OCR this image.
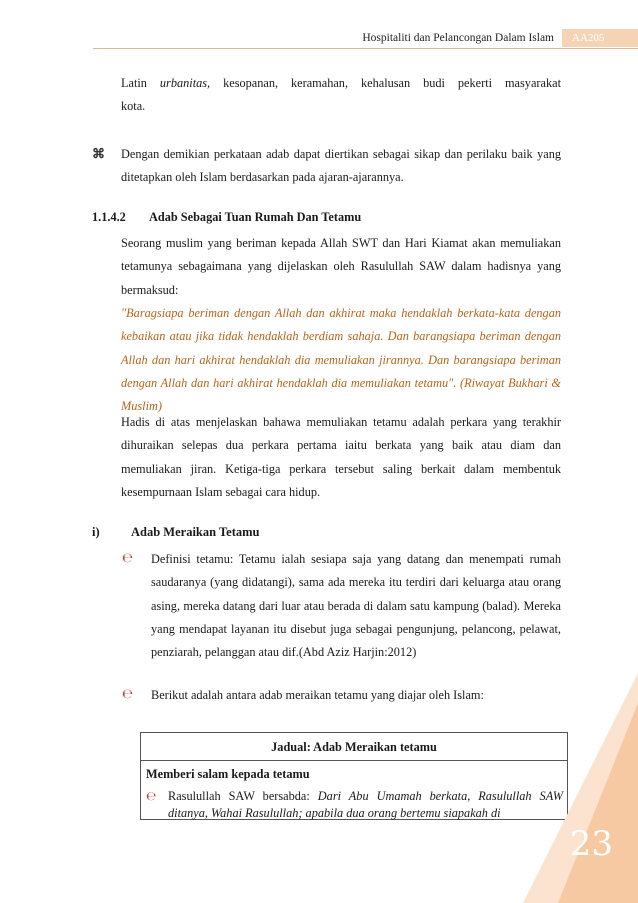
Hospitaliti dan Pelancongan Dalam Islam	AA205
Latin urbanitas, kesopanan, keramahan, kehalusan budi pekerti masyarakat
kota.
⌘ Dengan demikian perkataan adab dapat diertikan sebagai sikap dan perilaku baik yang ditetapkan oleh Islam berdasarkan pada ajaran-ajarannya.
1.1.4.2	Adab Sebagai Tuan Rumah Dan Tetamu
Seorang muslim yang beriman kepada Allah SWT dan Hari Kiamat akan memuliakan tetamunya sebagaimana yang dijelaskan oleh Rasulullah SAW dalam hadisnya yang bermaksud:
"Baragsiapa beriman dengan Allah dan akhirat maka hendaklah berkata-kata dengan kebaikan atau jika tidak hendaklah berdiam sahaja. Dan barangsiapa beriman dengan Allah dan hari akhirat hendaklah dia memuliakan jirannya. Dan barangsiapa beriman dengan Allah dan hari akhirat hendaklah dia memuliakan tetamu". (Riwayat Bukhari & Muslim)
Hadis di atas menjelaskan bahawa memuliakan tetamu adalah perkara yang terakhir dihuraikan selepas dua perkara pertama iaitu berkata yang baik atau diam dan memuliakan jiran. Ketiga-tiga perkara tersebut saling berkait dalam membentuk kesempurnaan Islam sebagai cara hidup.
i)	Adab Meraikan Tetamu
℮ Definisi tetamu: Tetamu ialah sesiapa saja yang datang dan menempati rumah saudaranya (yang didatangi), sama ada mereka itu terdiri dari keluarga atau orang asing, mereka datang dari luar atau berada di dalam satu kampung (balad). Mereka yang mendapat layanan itu disebut juga sebagai pengunjung, pelancong, pelawat, penziarah, pelanggan atau dif.(Abd Aziz Harjin:2012)
℮ Berikut adalah antara adab meraikan tetamu yang diajar oleh Islam:
Jadual: Adab Meraikan tetamu
Memberi salam kepada tetamu
℮ Rasulullah SAW bersabda: Dari Abu Umamah berkata, Rasulullah SAW ditanya, Wahai Rasulullah; apabila dua orang bertemu siapakah di
23
